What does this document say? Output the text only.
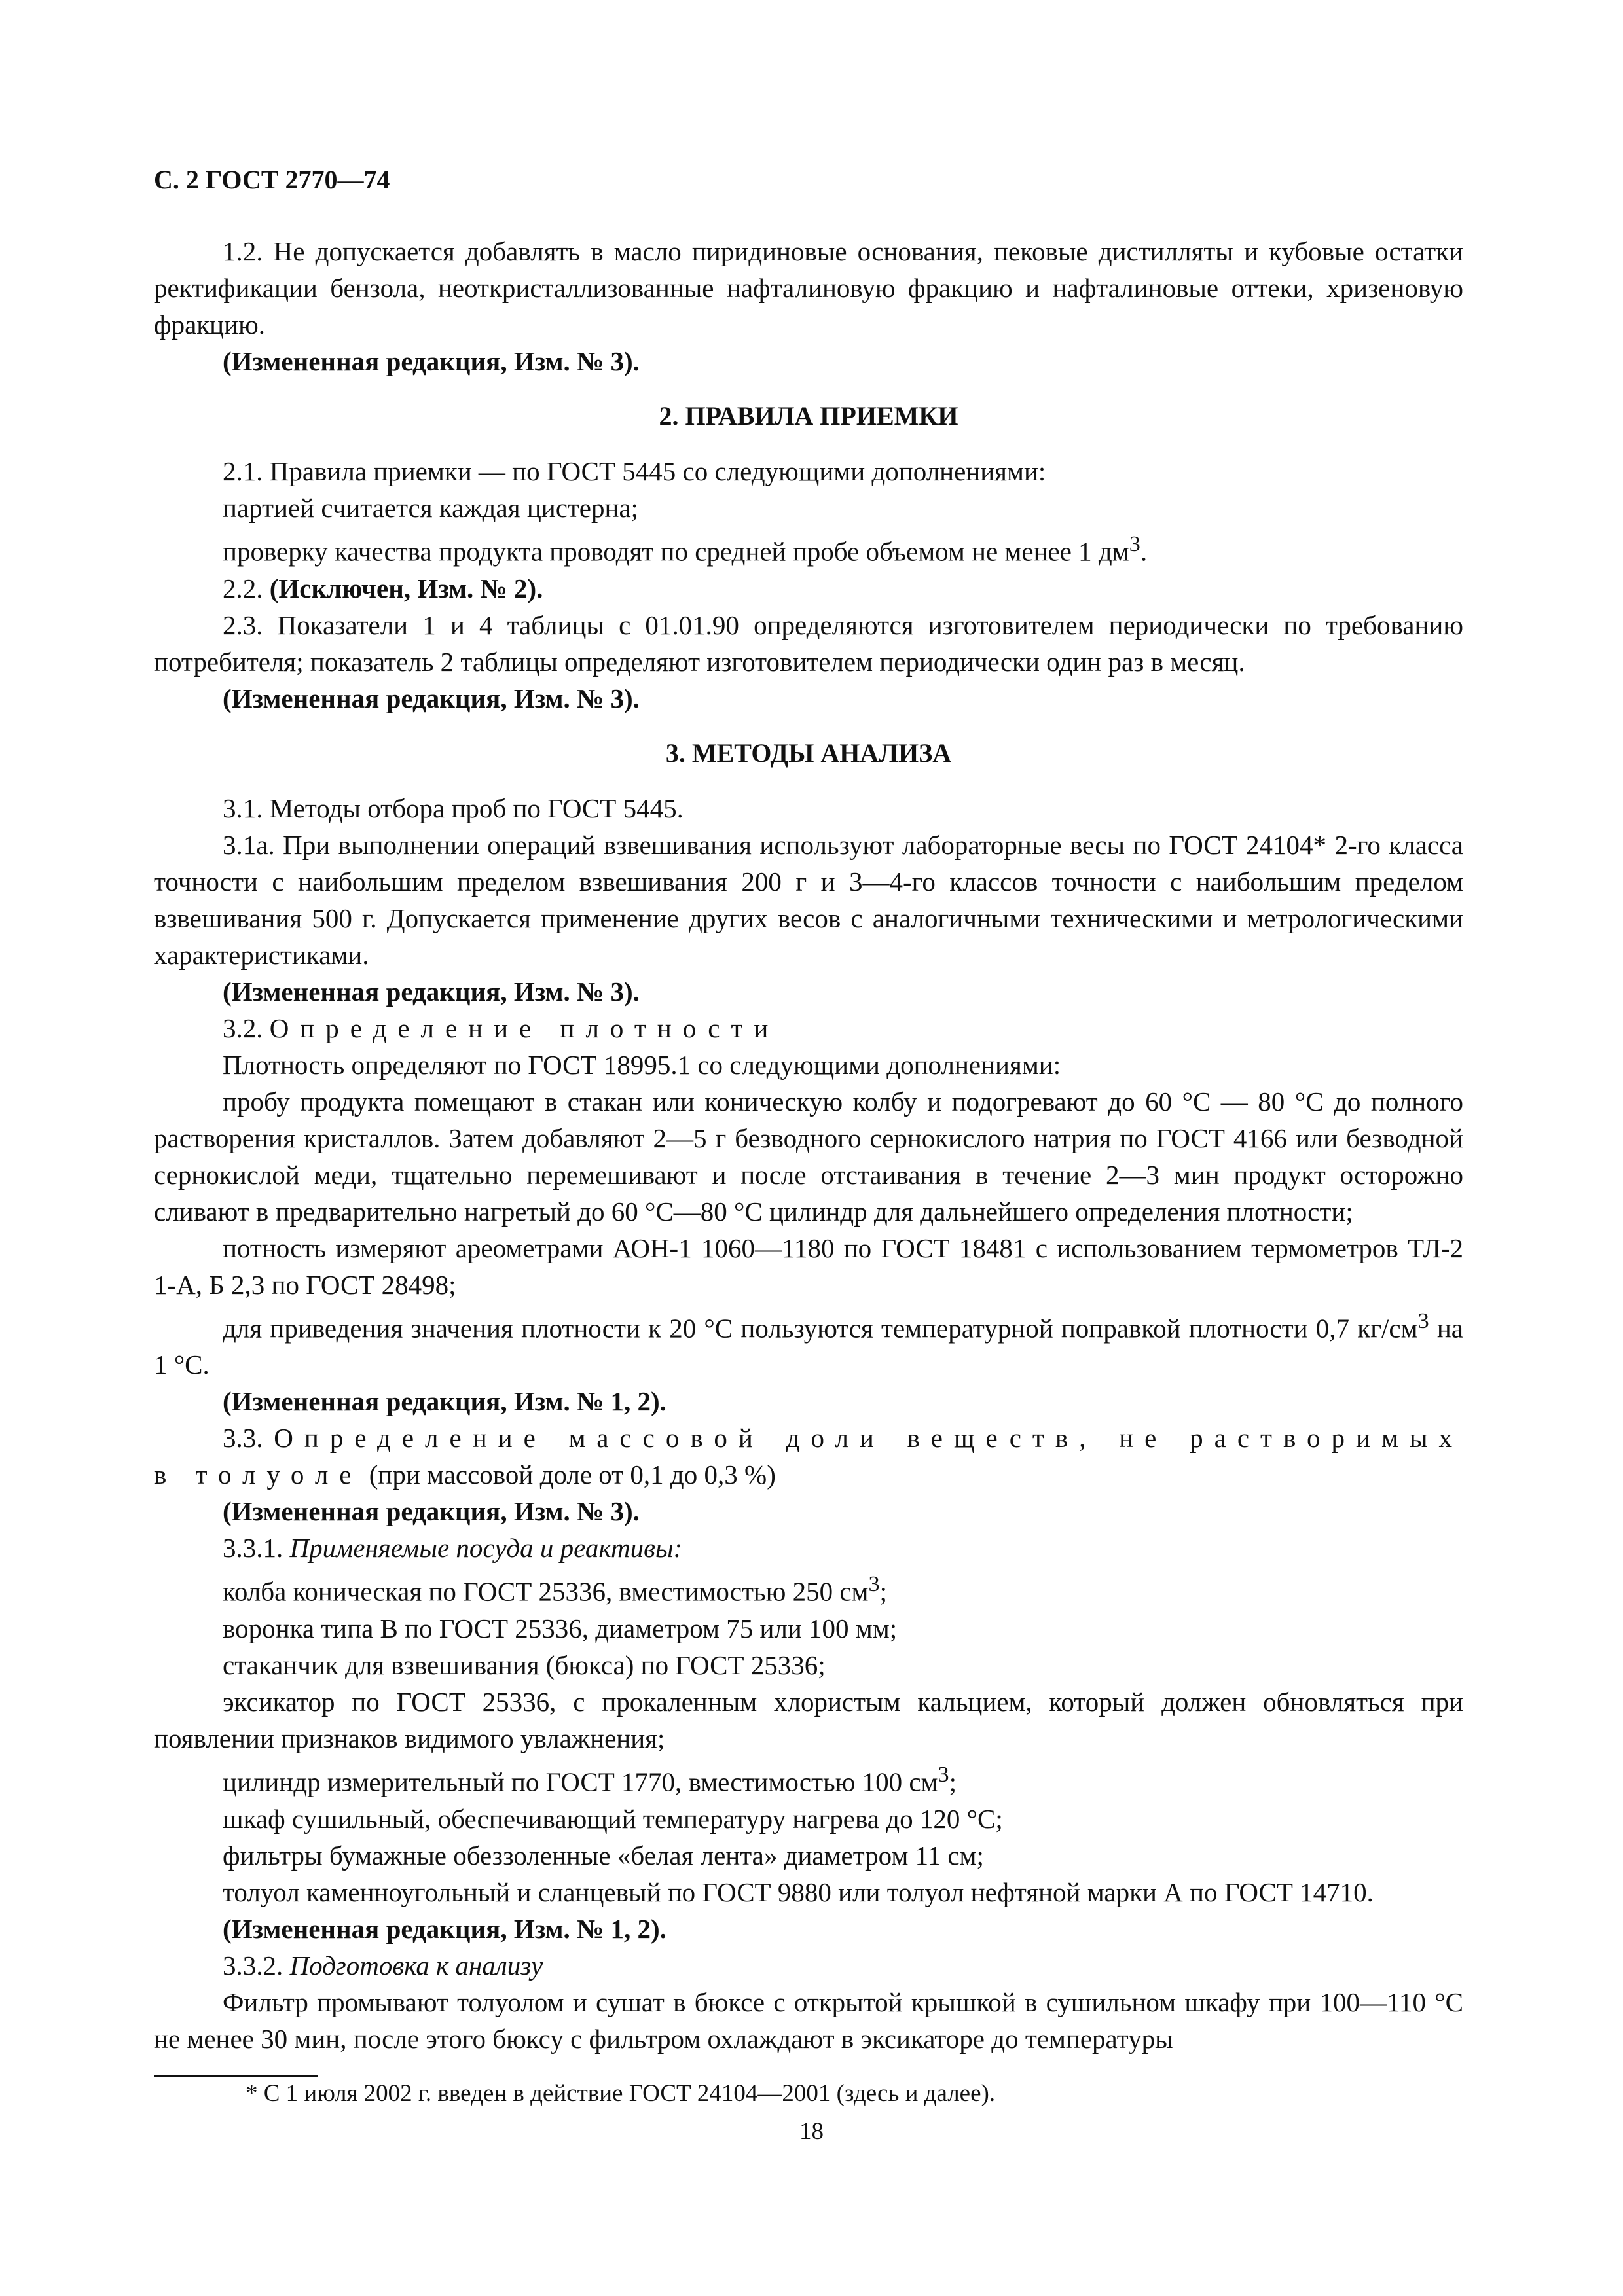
С. 2 ГОСТ 2770—74

1.2. Не допускается добавлять в масло пиридиновые основания, пековые дистилляты и кубовые остатки ректификации бензола, неоткристаллизованные нафталиновую фракцию и нафталиновые оттеки, хризеновую фракцию.

(Измененная редакция, Изм. № 3).

2. ПРАВИЛА ПРИЕМКИ

2.1. Правила приемки — по ГОСТ 5445 со следующими дополнениями:

партией считается каждая цистерна;

проверку качества продукта проводят по средней пробе объемом не менее 1 $дм^3$.

2.2. (Исключен, Изм. № 2).

2.3. Показатели 1 и 4 таблицы с 01.01.90 определяются изготовителем периодически по требованию потребителя; показатель 2 таблицы определяют изготовителем периодически один раз в месяц.

(Измененная редакция, Изм. № 3).

3. МЕТОДЫ АНАЛИЗА

3.1. Методы отбора проб по ГОСТ 5445.

3.1а. При выполнении операций взвешивания используют лабораторные весы по ГОСТ 24104* 2-го класса точности с наибольшим пределом взвешивания 200 г и 3—4-го классов точности с наибольшим пределом взвешивания 500 г. Допускается применение других весов с аналогичными техническими и метрологическими характеристиками.

(Измененная редакция, Изм. № 3).

3.2. Определение плотности

Плотность определяют по ГОСТ 18995.1 со следующими дополнениями:

пробу продукта помещают в стакан или коническую колбу и подогревают до 60 °С — 80 °С до полного растворения кристаллов. Затем добавляют 2—5 г безводного сернокислого натрия по ГОСТ 4166 или безводной сернокислой меди, тщательно перемешивают и после отстаивания в течение 2—3 мин продукт осторожно сливают в предварительно нагретый до 60 °С—80 °С цилиндр для дальнейшего определения плотности;

потность измеряют ареометрами АОН-1 1060—1180 по ГОСТ 18481 с использованием термометров ТЛ-2 1-А, Б 2,3 по ГОСТ 28498;

для приведения значения плотности к 20 °С пользуются температурной поправкой плотности 0,7 $кг/см^3$ на 1 °С.

(Измененная редакция, Изм. № 1, 2).

3.3. Определение массовой доли веществ, не растворимых в толуоле (при массовой доле от 0,1 до 0,3 %)

(Измененная редакция, Изм. № 3).

3.3.1. Применяемые посуда и реактивы:

колба коническая по ГОСТ 25336, вместимостью 250 $см^3$;

воронка типа В по ГОСТ 25336, диаметром 75 или 100 мм;

стаканчик для взвешивания (бюкса) по ГОСТ 25336;

эксикатор по ГОСТ 25336, с прокаленным хлористым кальцием, который должен обновляться при появлении признаков видимого увлажнения;

цилиндр измерительный по ГОСТ 1770, вместимостью 100 $см^3$;

шкаф сушильный, обеспечивающий температуру нагрева до 120 °С;

фильтры бумажные обеззоленные «белая лента» диаметром 11 см;

толуол каменноугольный и сланцевый по ГОСТ 9880 или толуол нефтяной марки А по ГОСТ 14710.

(Измененная редакция, Изм. № 1, 2).

3.3.2. Подготовка к анализу

Фильтр промывают толуолом и сушат в бюксе с открытой крышкой в сушильном шкафу при 100—110 °С не менее 30 мин, после этого бюксу с фильтром охлаждают в эксикаторе до температуры

* С 1 июля 2002 г. введен в действие ГОСТ 24104—2001 (здесь и далее).

18
